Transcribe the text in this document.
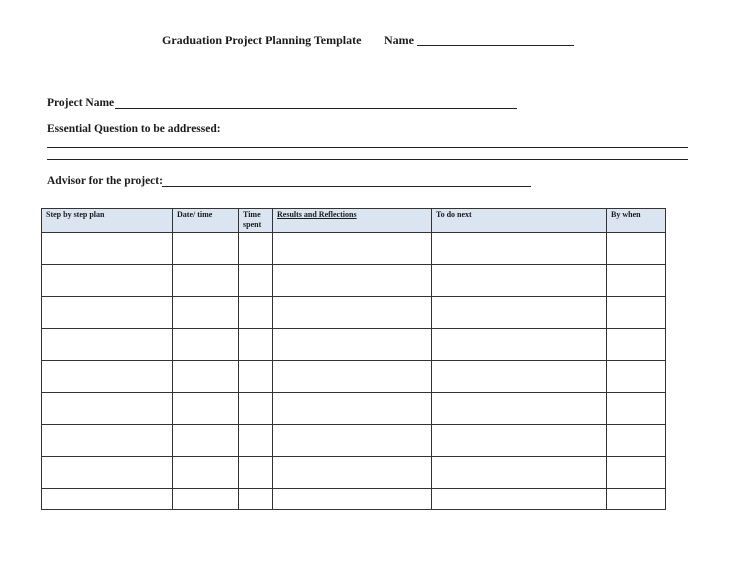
Graduation Project Planning Template Name
Project Name
Essential Question to be addressed:
Advisor for the project:
Step by step plan	Date/ time	Time spent	Results and Reflections	To do next	By when
